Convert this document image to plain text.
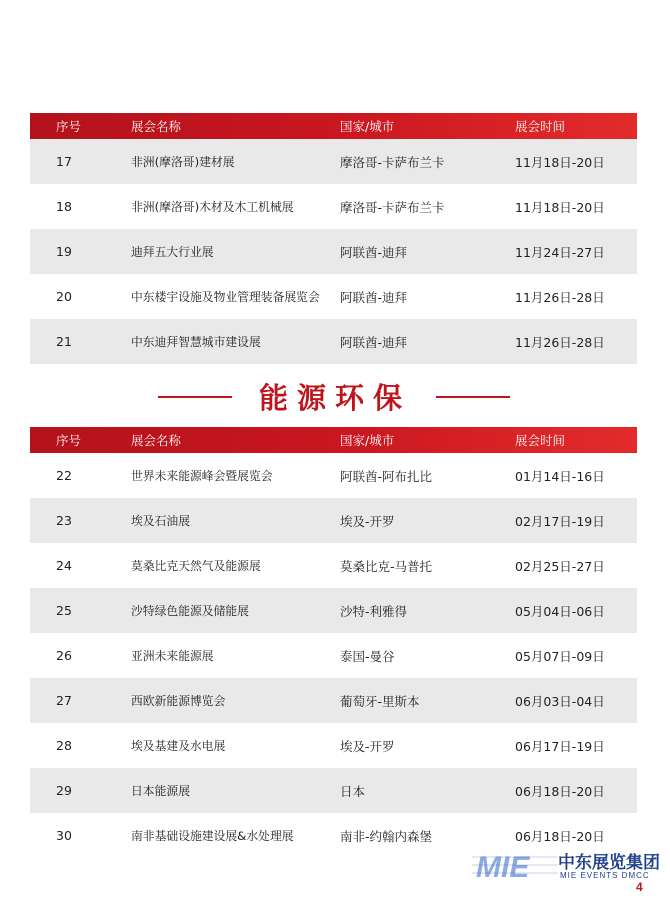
序号	展会名称	国家/城市	展会时间
17	非洲(摩洛哥)建材展	摩洛哥-卡萨布兰卡	11月18日-20日
18	非洲(摩洛哥)木材及木工机械展	摩洛哥-卡萨布兰卡	11月18日-20日
19	迪拜五大行业展	阿联酋-迪拜	11月24日-27日
20	中东楼宇设施及物业管理装备展览会 阿联酋-迪拜	11月26日-28日
21	中东迪拜智慧城市建设展	阿联酋-迪拜	11月26日-28日
能源环保
序号	展会名称	国家/城市	展会时间
22	世界未来能源峰会暨展览会	阿联酋-阿布扎比	01月14日-16日
23	埃及石油展	埃及-开罗	02月17日-19日
24	莫桑比克天然气及能源展	莫桑比克-马普托	02月25日-27日
25	沙特绿色能源及储能展	沙特-利雅得	05月04日-06日
26	亚洲未来能源展	泰国-曼谷	05月07日-09日
27	西欧新能源博览会	葡萄牙-里斯本	06月03日-04日
28	埃及基建及水电展	埃及-开罗	06月17日-19日
29	日本能源展	日本	06月18日-20日
30	南非基础设施建设展&水处理展	南非-约翰内森堡	06月18日-20日
MIE 中东展览集团
MIE EVENTS DMCC
4
